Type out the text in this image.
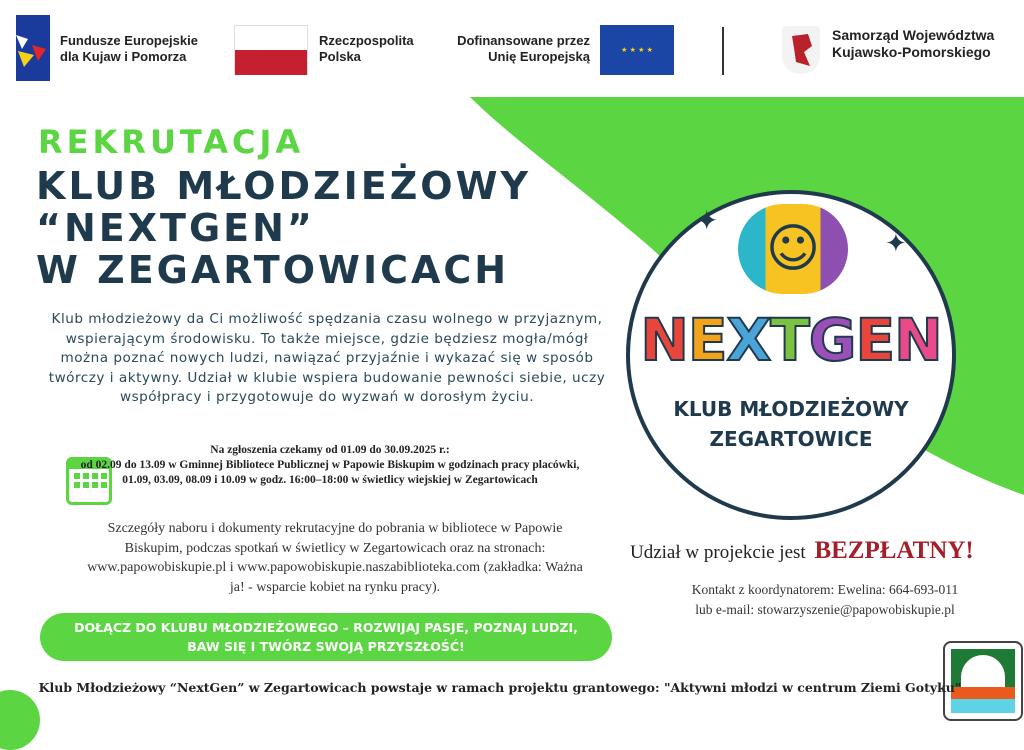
Fundusze Europejskie
dla Kujaw i Pomorza
Rzeczpospolita
Polska
Dofinansowane przez
Unię Europejską	★ ★ ★ ★
Samorząd Województwa
Kujawsko-Pomorskiego
REKRUTACJA
KLUB MŁODZIEŻOWY
“NEXTGEN”
W ZEGARTOWICACH
Klub młodzieżowy da Ci możliwość spędzania czasu wolnego w przyjaznym, wspierającym środowisku. To także miejsce, gdzie będziesz mogła/mógł można poznać nowych ludzi, nawiązać przyjaźnie i wykazać się w sposób twórczy i aktywny. Udział w klubie wspiera budowanie pewności siebie, uczy współpracy i przygotowuje do wyzwań w dorosłym życiu.
Na zgłoszenia czekamy od 01.09 do 30.09.2025 r.:
od 02.09 do 13.09 w Gminnej Bibliotece Publicznej w Papowie Biskupim w godzinach pracy placówki,
01.09, 03.09, 08.09 i 10.09 w godz. 16:00–18:00 w świetlicy wiejskiej w Zegartowicach
Szczegóły naboru i dokumenty rekrutacyjne do pobrania w bibliotece w Papowie Biskupim, podczas spotkań w świetlicy w Zegartowicach oraz na stronach: www.papowobiskupie.pl i www.papowobiskupie.naszabiblioteka.com (zakładka: Ważna ja! - wsparcie kobiet na rynku pracy).
DOŁĄCZ DO KLUBU MŁODZIEŻOWEGO – ROZWIJAJ PASJE, POZNAJ LUDZI,
BAW SIĘ I TWÓRZ SWOJĄ PRZYSZŁOŚĆ!
☺
✦
✦
NEXTGEN
KLUB MŁODZIEŻOWY
ZEGARTOWICE
Udział w projekcie jest BEZPŁATNY!
Kontakt z koordynatorem: Ewelina: 664-693-011
lub e-mail: stowarzyszenie@papowobiskupie.pl
Klub Młodzieżowy “NextGen” w Zegartowicach powstaje w ramach projektu grantowego: "Aktywni młodzi w centrum Ziemi Gotyku"
